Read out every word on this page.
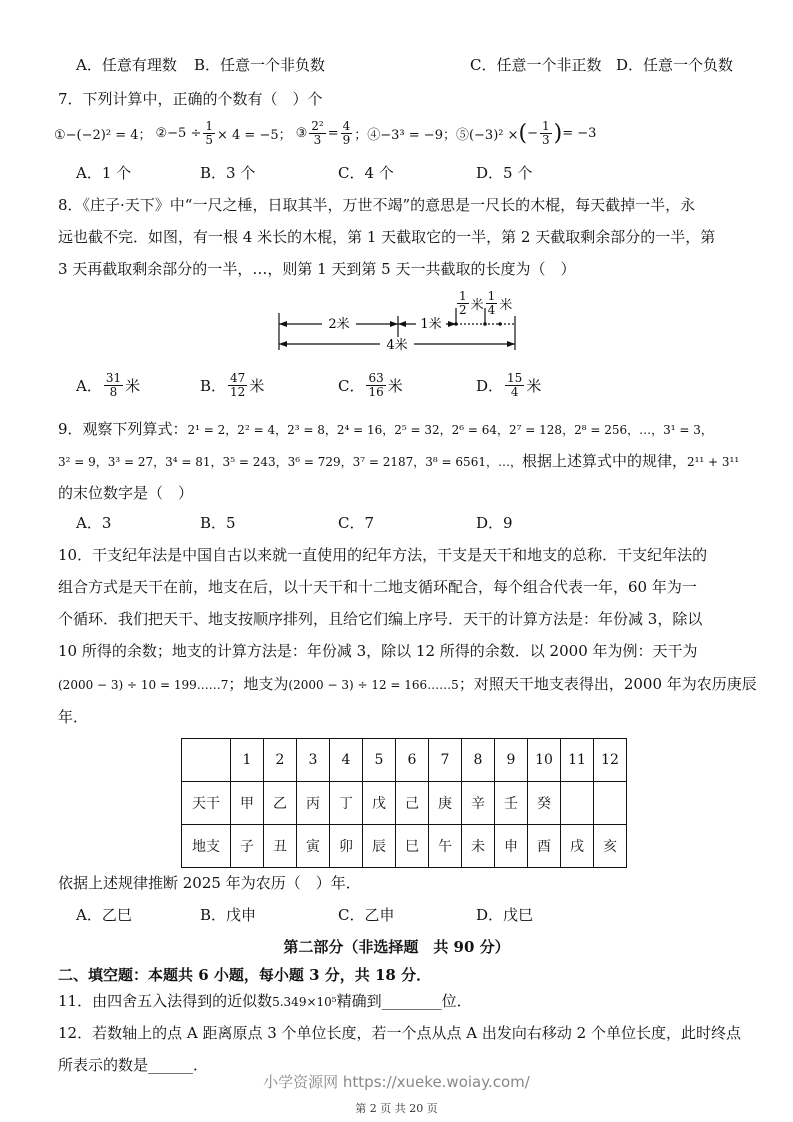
A．任意有理数	B．任意一个非负数	C．任意一个非正数 D．任意一个负数
7．下列计算中，正确的个数有（　）个
①−(−2)² = 4； ②−5 ÷ $\frac{1}{5} \times 4 = -5$； ③ $\frac{\text{2²}}{3} = \frac{4}{9}$ ；④−3³ = −9；⑤(−3)² × ( − $\frac{1}{3}$ ) = −3
A．1 个	B．3 个	C．4 个	D．5 个
8．《庄子·天下》中“一尺之棰，日取其半，万世不竭”的意思是一尺长的木棍，每天截掉一半，永
远也截不完．如图，有一根 4 米长的木棍，第 1 天截取它的一半，第 2 天截取剩余部分的一半，第
3 天再截取剩余部分的一半，…，则第 1 天到第 5 天一共截取的长度为（　）
2米	1米
4米
$\frac{1}{2}$ 米 $\frac{1}{4}$ 米
A． $\frac{31}{8}$ 米	B． $\frac{47}{12}$ 米	C． $\frac{63}{16}$ 米	D． $\frac{15}{4}$ 米
9．观察下列算式：2¹ = 2，2² = 4，2³ = 8，2⁴ = 16，2⁵ = 32，2⁶ = 64，2⁷ = 128，2⁸ = 256，…，3¹ = 3，
3² = 9，3³ = 27，3⁴ = 81，3⁵ = 243，3⁶ = 729，3⁷ = 2187，3⁸ = 6561，…，根据上述算式中的规律，2¹¹ + 3¹¹
的末位数字是（　）
A．3	B．5	C．7	D．9
10．干支纪年法是中国自古以来就一直使用的纪年方法，干支是天干和地支的总称．干支纪年法的
组合方式是天干在前，地支在后，以十天干和十二地支循环配合，每个组合代表一年，60 年为一
个循环．我们把天干、地支按顺序排列，且给它们编上序号．天干的计算方法是：年份减 3，除以
10 所得的余数；地支的计算方法是：年份减 3，除以 12 所得的余数．以 2000 年为例：天干为
(2000 − 3) ÷ 10 = 199……7；地支为(2000 − 3) ÷ 12 = 166……5；对照天干地支表得出，2000 年为农历庚辰
年．
	1	2	3	4	5	6	7	8	9	10	11	12
天干	甲	乙	丙	丁	戊	己	庚	辛	壬	癸		
地支	子	丑	寅	卯	辰	巳	午	未	申	酉	戌	亥
依据上述规律推断 2025 年为农历（　）年．
A．乙巳	B．戊申	C．乙申	D．戊巳
第二部分（非选择题　共 90 分）
二、填空题：本题共 6 小题，每小题 3 分，共 18 分．
11．由四舍五入法得到的近似数5.349×10⁵精确到________位．
12．若数轴上的点 A 距离原点 3 个单位长度，若一个点从点 A 出发向右移动 2 个单位长度，此时终点
所表示的数是______．
小学资源网 https://xueke.woiay.com/
第 2 页 共 20 页
